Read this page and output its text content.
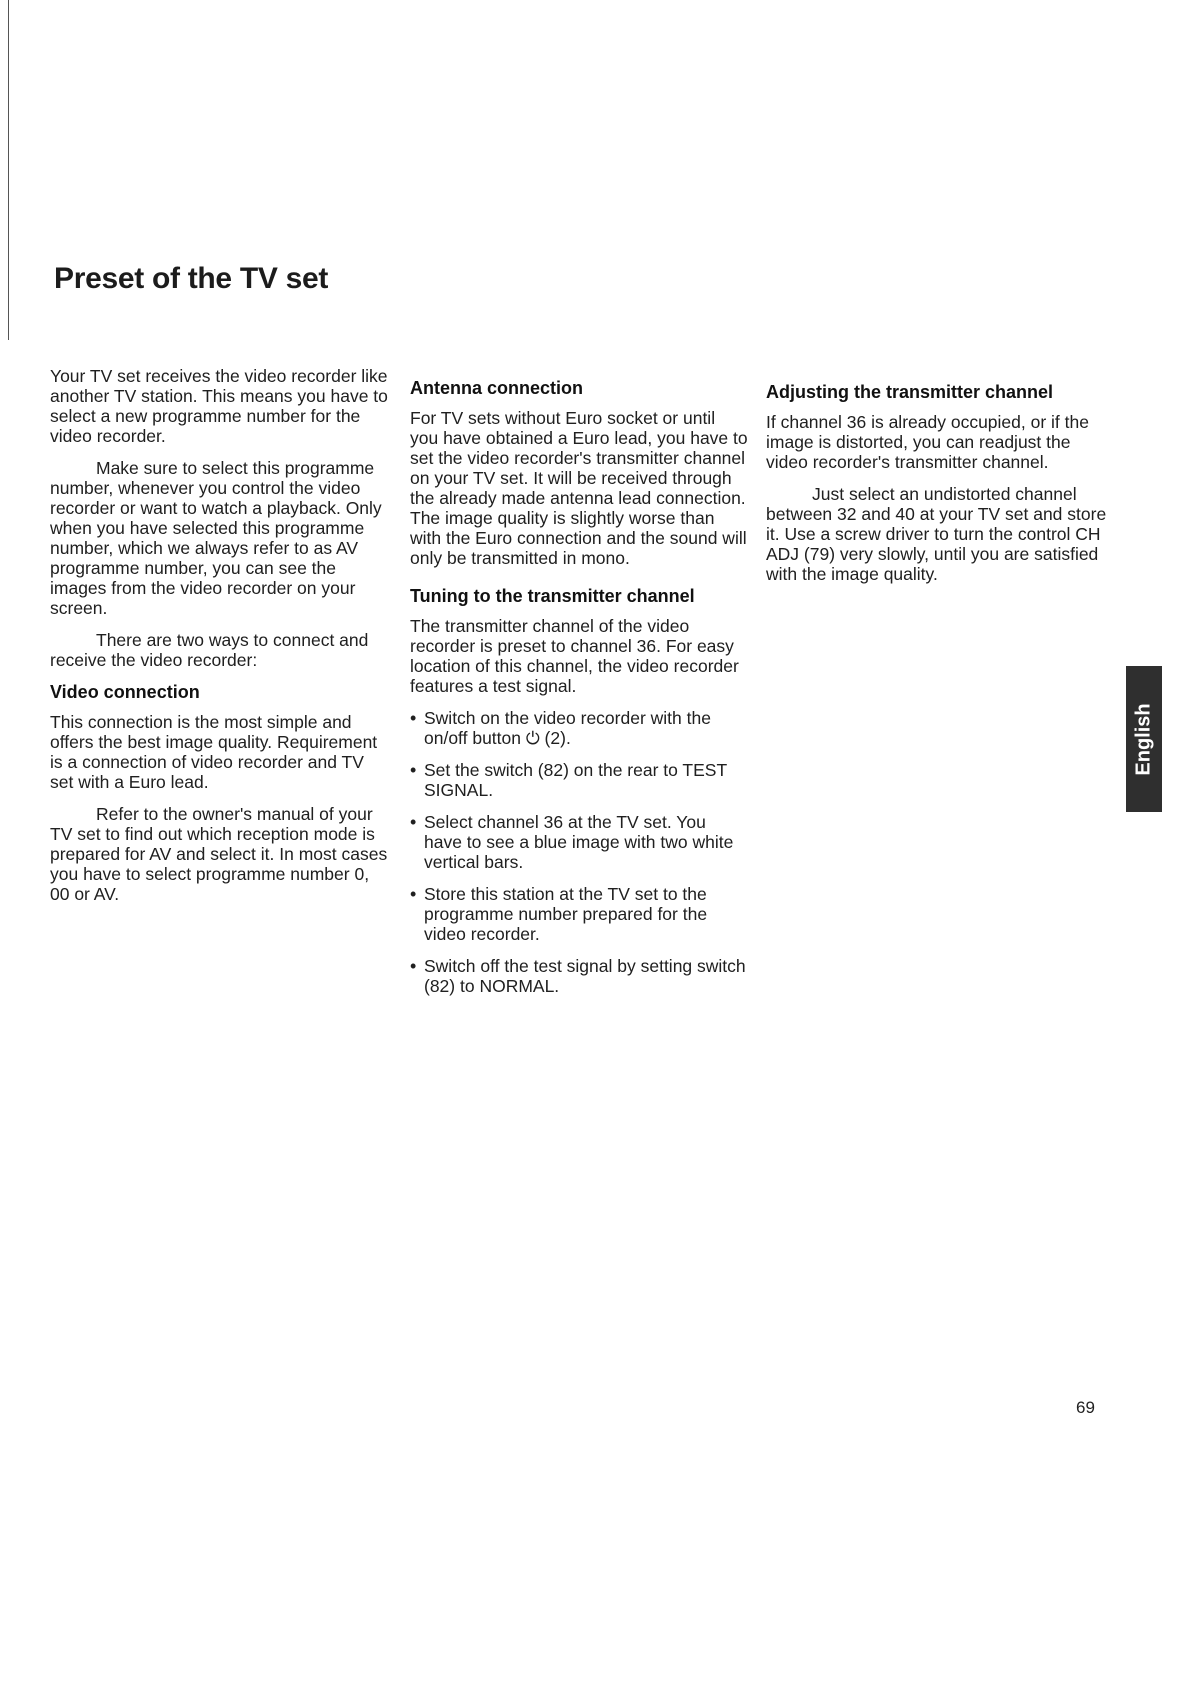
Preset of the TV set

Your TV set receives the video recorder like another TV station. This means you have to select a new programme number for the video recorder.

Make sure to select this programme number, whenever you control the video recorder or want to watch a playback. Only when you have selected this programme number, which we always refer to as AV programme number, you can see the images from the video recorder on your screen.

There are two ways to connect and receive the video recorder:

Video connection

This connection is the most simple and offers the best image quality. Requirement is a connection of video recorder and TV set with a Euro lead.

Refer to the owner's manual of your TV set to find out which reception mode is prepared for AV and select it. In most cases you have to select programme number 0, 00 or AV.

Antenna connection

For TV sets without Euro socket or until you have obtained a Euro lead, you have to set the video recorder's transmitter channel on your TV set. It will be received through the already made antenna lead connection. The image quality is slightly worse than with the Euro connection and the sound will only be transmitted in mono.

Tuning to the transmitter channel

The transmitter channel of the video recorder is preset to channel 36. For easy location of this channel, the video recorder features a test signal.

• Switch on the video recorder with the on/off button ⏻ (2).
• Set the switch (82) on the rear to TEST SIGNAL.
• Select channel 36 at the TV set. You have to see a blue image with two white vertical bars.
• Store this station at the TV set to the programme number prepared for the video recorder.
• Switch off the test signal by setting switch (82) to NORMAL.
Adjusting the transmitter channel

If channel 36 is already occupied, or if the image is distorted, you can readjust the video recorder's transmitter channel.

Just select an undistorted channel between 32 and 40 at your TV set and store it. Use a screw driver to turn the control CH ADJ (79) very slowly, until you are satisfied with the image quality.

English
69
